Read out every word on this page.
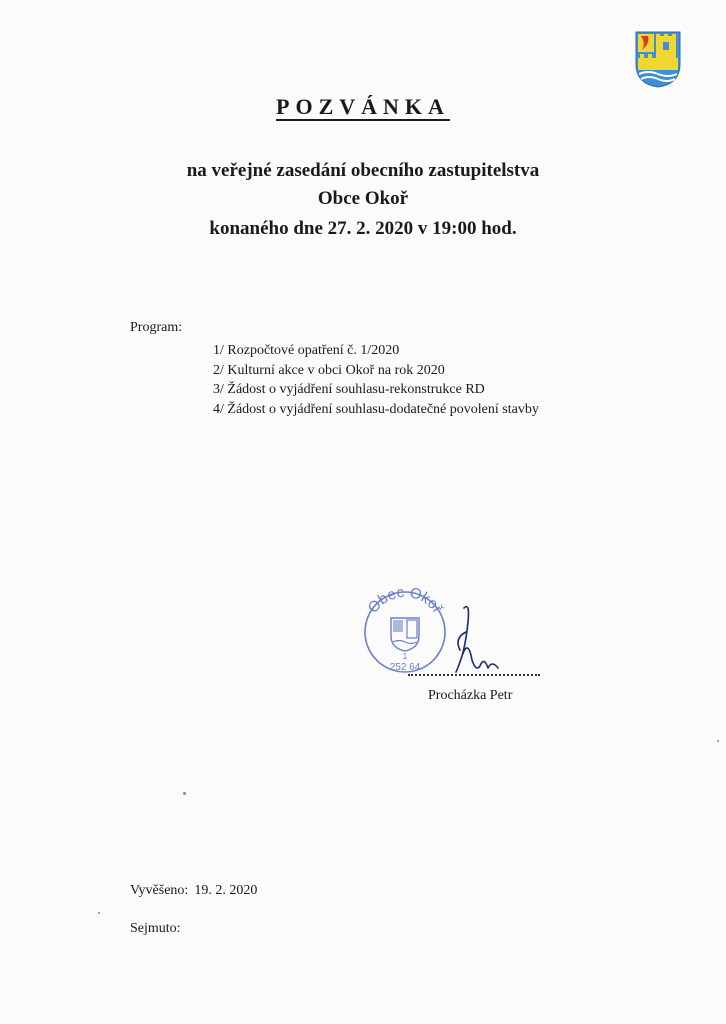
POZVÁNKA
na veřejné zasedání obecního zastupitelstva
Obce Okoř
konaného dne 27. 2. 2020 v 19:00 hod.
Program:
1/ Rozpočtové opatření č. 1/2020
2/ Kulturní akce v obci Okoř na rok 2020
3/ Žádost o vyjádření souhlasu-rekonstrukce RD
4/ Žádost o vyjádření souhlasu-dodatečné povolení stavby
Obec Okoř
1
252 64
Procházka Petr
Vyvěšeno: 19. 2. 2020
Sejmuto:
